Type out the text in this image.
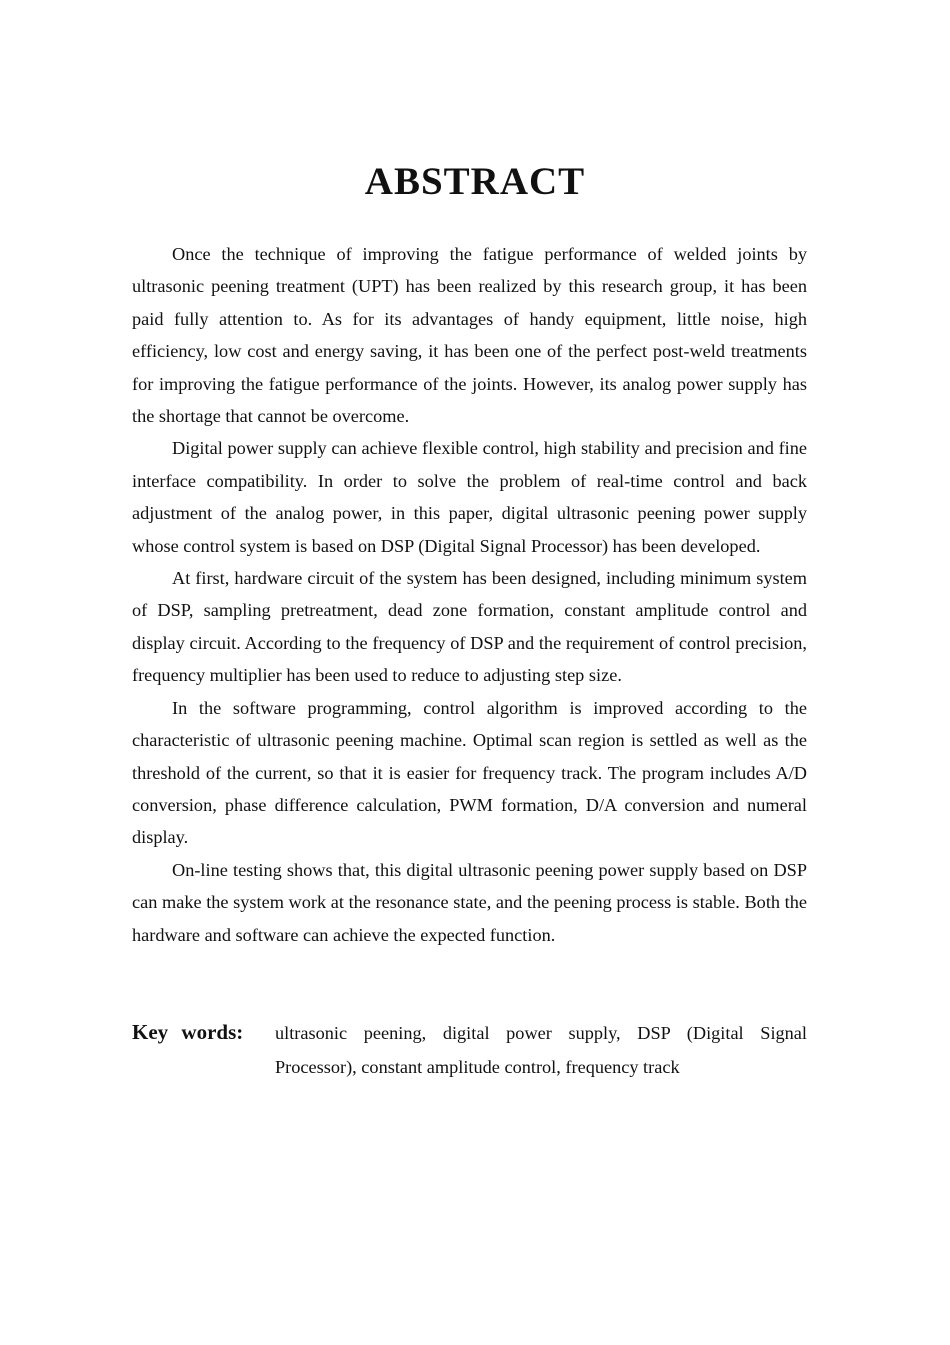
ABSTRACT

Once the technique of improving the fatigue performance of welded joints by ultrasonic peening treatment (UPT) has been realized by this research group, it has been paid fully attention to. As for its advantages of handy equipment, little noise, high efficiency, low cost and energy saving, it has been one of the perfect post-weld treatments for improving the fatigue performance of the joints. However, its analog power supply has the shortage that cannot be overcome.

Digital power supply can achieve flexible control, high stability and precision and fine interface compatibility. In order to solve the problem of real-time control and back adjustment of the analog power, in this paper, digital ultrasonic peening power supply whose control system is based on DSP (Digital Signal Processor) has been developed.

At first, hardware circuit of the system has been designed, including minimum system of DSP, sampling pretreatment, dead zone formation, constant amplitude control and display circuit. According to the frequency of DSP and the requirement of control precision, frequency multiplier has been used to reduce to adjusting step size.

In the software programming, control algorithm is improved according to the characteristic of ultrasonic peening machine. Optimal scan region is settled as well as the threshold of the current, so that it is easier for frequency track. The program includes A/D conversion, phase difference calculation, PWM formation, D/A conversion and numeral display.

On-line testing shows that, this digital ultrasonic peening power supply based on DSP can make the system work at the resonance state, and the peening process is stable. Both the hardware and software can achieve the expected function.

Key words: ultrasonic peening, digital power supply, DSP (Digital Signal Processor), constant amplitude control, frequency track
